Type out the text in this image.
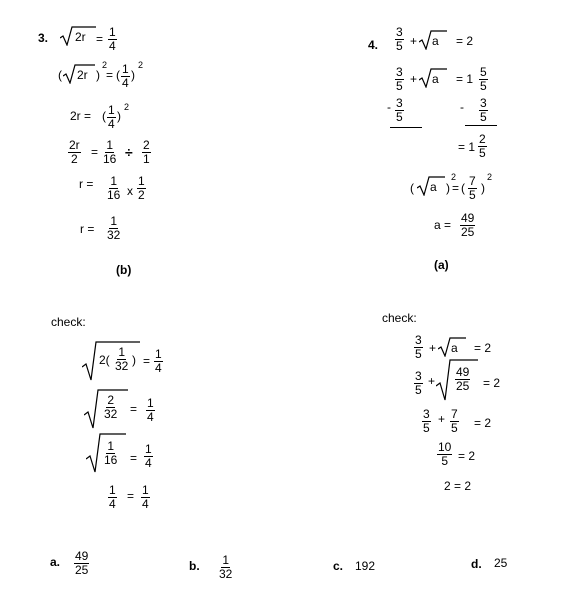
3. $2r = \frac{1}{4}$
( 2r )
2
= ( $\frac{1}{4}$ )
2
2r = ( $\frac{1}{4}$ )
2
$\frac{2r}{2} = \frac{1}{16} \div \frac{2}{1}$
$r = \frac{1}{16}$ x $\frac{1}{2}$
$r = \frac{1}{32}$
(b)
4. $\frac{3}{5} + a = 2$
$\frac{3}{5} + a = 1 \frac{5}{5}$
- $\frac{3}{5}$	- $\frac{3}{5}$
= $1 \frac{2}{5}$
( a )
2
= ( $\frac{7}{5}$ )
2
$a = \frac{49}{25}$
(a)
check:
$2( \frac{1}{32}$ ) = $\frac{1}{4}$
$\frac{2}{32} = \frac{1}{4}$
$\frac{1}{16} = \frac{1}{4}$
$\frac{1}{4} = \frac{1}{4}$
check:
$\frac{3}{5} + a = 2$
$\frac{3}{5} + \frac{49}{25} = 2$
$\frac{3}{5} + \frac{7}{5} = 2$
$\frac{10}{5} = 2$
2 = 2
a. $\frac{49}{25}$	b. $\frac{1}{32}$	c. 192	d. 25
